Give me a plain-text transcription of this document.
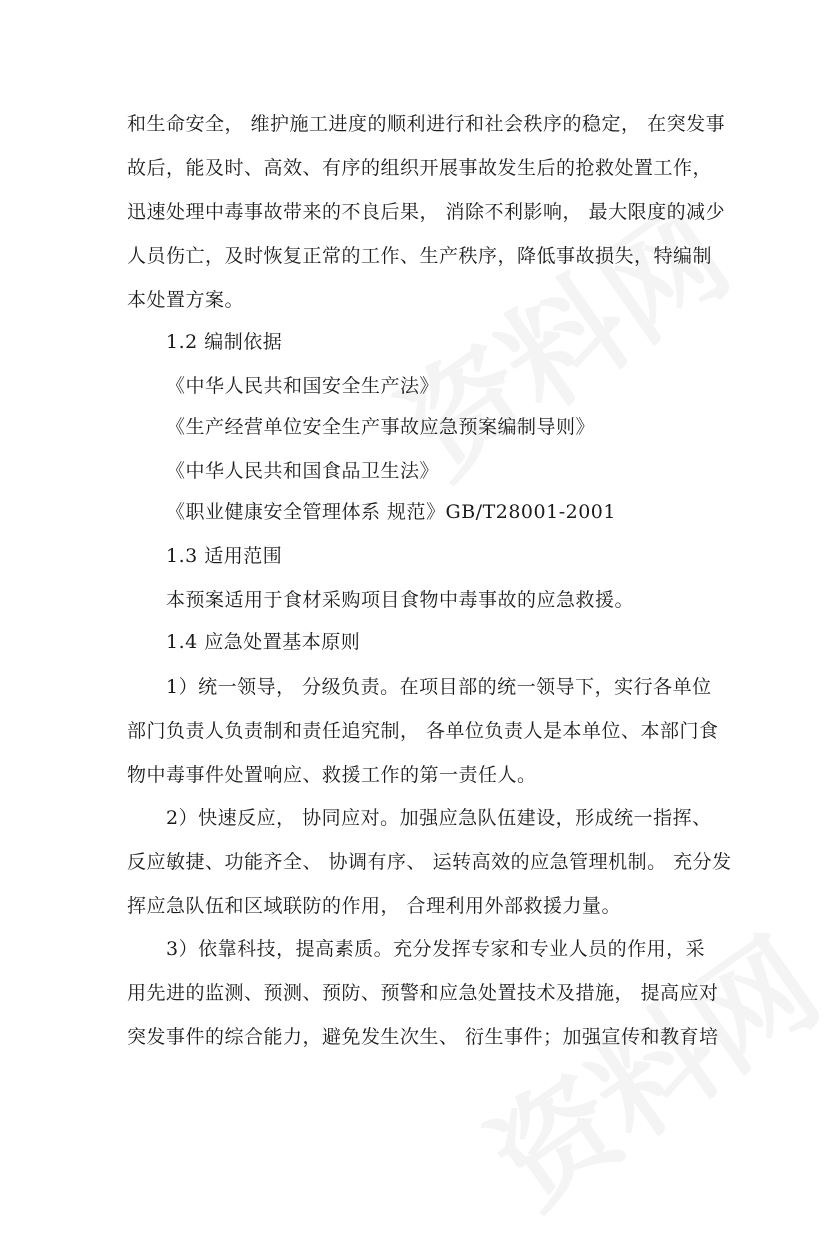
和生命安全， 维护施工进度的顺利进行和社会秩序的稳定， 在突发事
故后，能及时、高效、有序的组织开展事故发生后的抢救处置工作，
迅速处理中毒事故带来的不良后果， 消除不利影响， 最大限度的减少
人员伤亡，及时恢复正常的工作、生产秩序，降低事故损失，特编制
本处置方案。
1.2 编制依据
《中华人民共和国安全生产法》
《生产经营单位安全生产事故应急预案编制导则》
《中华人民共和国食品卫生法》
《职业健康安全管理体系 规范》GB/T28001-2001
1.3 适用范围
本预案适用于食材采购项目食物中毒事故的应急救援。
1.4 应急处置基本原则
1）统一领导， 分级负责。在项目部的统一领导下，实行各单位
部门负责人负责制和责任追究制， 各单位负责人是本单位、本部门食
物中毒事件处置响应、救援工作的第一责任人。
2）快速反应， 协同应对。加强应急队伍建设，形成统一指挥、
反应敏捷、功能齐全、 协调有序、 运转高效的应急管理机制。 充分发
挥应急队伍和区域联防的作用， 合理利用外部救援力量。
3）依靠科技，提高素质。充分发挥专家和专业人员的作用，采
用先进的监测、预测、预防、预警和应急处置技术及措施， 提高应对
突发事件的综合能力，避免发生次生、 衍生事件；加强宣传和教育培
